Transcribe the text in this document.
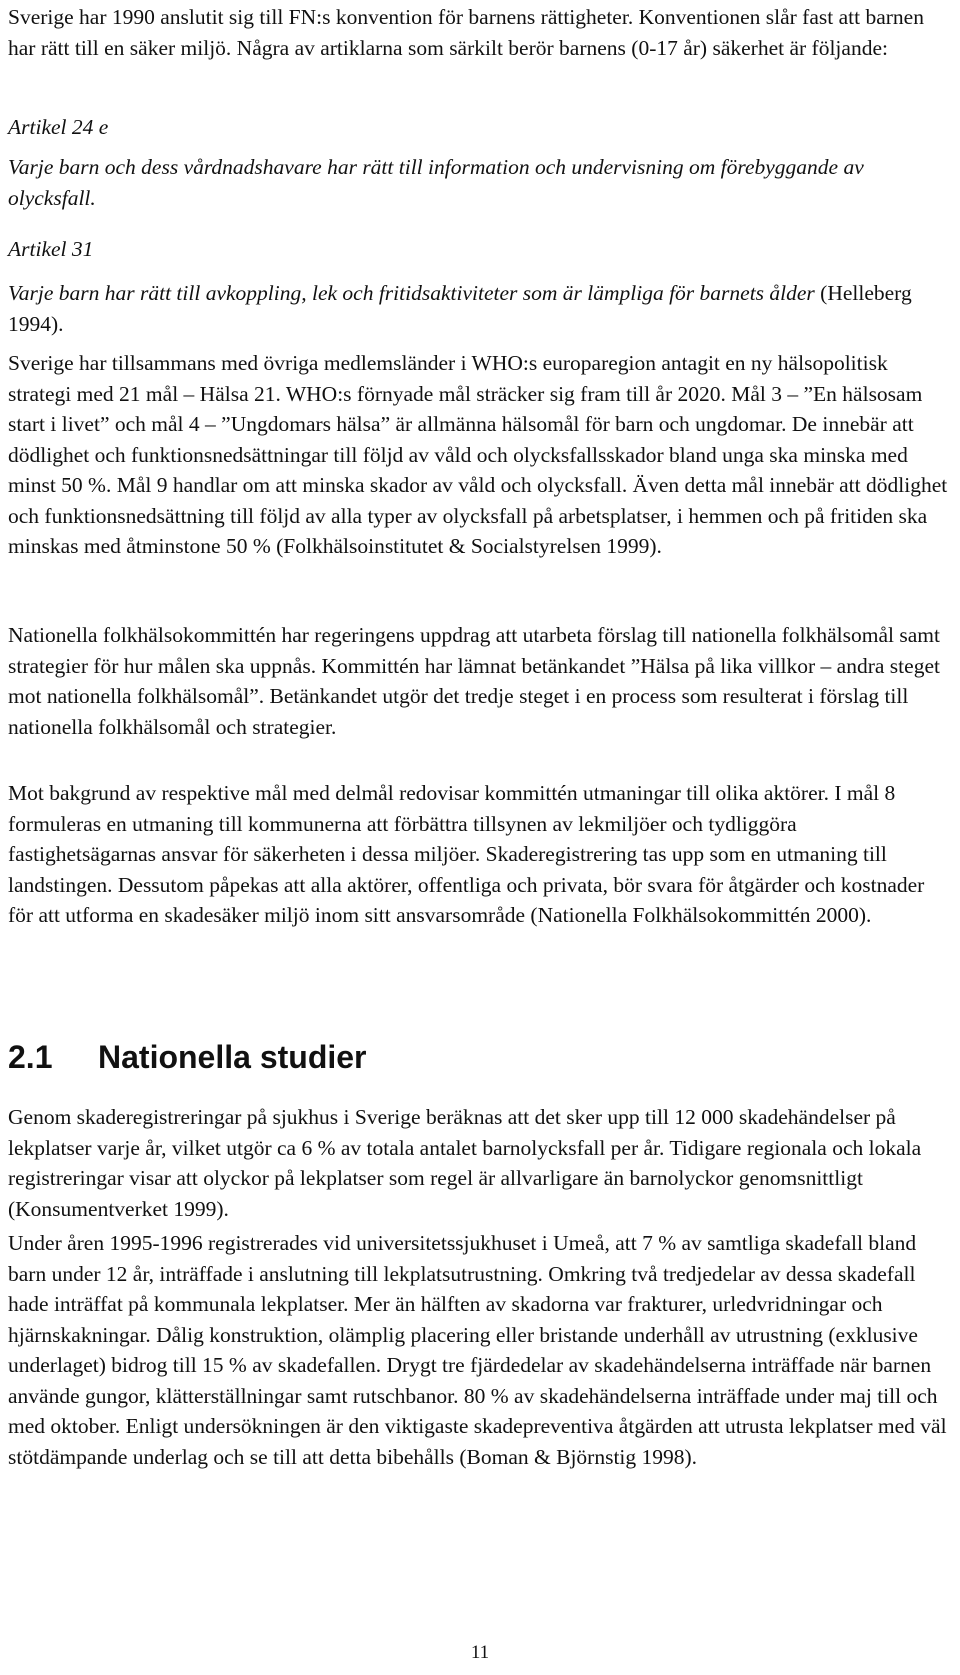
Sverige har 1990 anslutit sig till FN:s konvention för barnens rättigheter. Konventionen slår fast att barnen har rätt till en säker miljö. Några av artiklarna som särkilt berör barnens (0-17 år) säkerhet är följande:

Artikel 24 e

Varje barn och dess vårdnadshavare har rätt till information och undervisning om förebyggande av olycksfall.

Artikel 31

Varje barn har rätt till avkoppling, lek och fritidsaktiviteter som är lämpliga för barnets ålder (Helleberg 1994).

Sverige har tillsammans med övriga medlemsländer i WHO:s europaregion antagit en ny hälsopolitisk strategi med 21 mål – Hälsa 21. WHO:s förnyade mål sträcker sig fram till år 2020. Mål 3 – ”En hälsosam start i livet” och mål 4 – ”Ungdomars hälsa” är allmänna hälsomål för barn och ungdomar. De innebär att dödlighet och funktionsnedsättningar till följd av våld och olycksfallsskador bland unga ska minska med minst 50 %. Mål 9 handlar om att minska skador av våld och olycksfall. Även detta mål innebär att dödlighet och funktionsnedsättning till följd av alla typer av olycksfall på arbetsplatser, i hemmen och på fritiden ska minskas med åtminstone 50 % (Folkhälsoinstitutet & Socialstyrelsen 1999).

Nationella folkhälsokommittén har regeringens uppdrag att utarbeta förslag till nationella folkhälsomål samt strategier för hur målen ska uppnås. Kommittén har lämnat betänkandet ”Hälsa på lika villkor – andra steget mot nationella folkhälsomål”. Betänkandet utgör det tredje steget i en process som resulterat i förslag till nationella folkhälsomål och strategier.

Mot bakgrund av respektive mål med delmål redovisar kommittén utmaningar till olika aktörer. I mål 8 formuleras en utmaning till kommunerna att förbättra tillsynen av lekmiljöer och tydliggöra fastighetsägarnas ansvar för säkerheten i dessa miljöer. Skaderegistrering tas upp som en utmaning till landstingen. Dessutom påpekas att alla aktörer, offentliga och privata, bör svara för åtgärder och kostnader för att utforma en skadesäker miljö inom sitt ansvarsområde (Nationella Folkhälsokommittén 2000).

2.1 Nationella studier

Genom skaderegistreringar på sjukhus i Sverige beräknas att det sker upp till 12 000 skadehändelser på lekplatser varje år, vilket utgör ca 6 % av totala antalet barnolycksfall per år. Tidigare regionala och lokala registreringar visar att olyckor på lekplatser som regel är allvarligare än barnolyckor genomsnittligt (Konsumentverket 1999).

Under åren 1995-1996 registrerades vid universitetssjukhuset i Umeå, att 7 % av samtliga skadefall bland barn under 12 år, inträffade i anslutning till lekplatsutrustning. Omkring två tredjedelar av dessa skadefall hade inträffat på kommunala lekplatser. Mer än hälften av skadorna var frakturer, urledvridningar och hjärnskakningar. Dålig konstruktion, olämplig placering eller bristande underhåll av utrustning (exklusive underlaget) bidrog till 15 % av skadefallen. Drygt tre fjärdedelar av skadehändelserna inträffade när barnen använde gungor, klätterställningar samt rutschbanor. 80 % av skadehändelserna inträffade under maj till och med oktober. Enligt undersökningen är den viktigaste skadepreventiva åtgärden att utrusta lekplatser med väl stötdämpande underlag och se till att detta bibehålls (Boman & Björnstig 1998).

11
